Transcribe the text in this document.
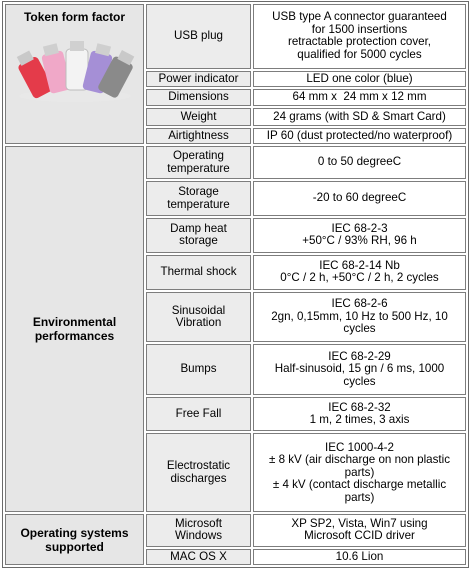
Token form factor	USB plug	USB type A connector guaranteed
for 1500 insertions
retractable protection cover,
qualified for 5000 cycles

	Power indicator	LED one color (blue)

	Dimensions	64 mm x  24 mm x 12 mm

	Weight	24 grams (with SD & Smart Card)

	Airtightness	IP 60 (dust protected/no waterproof)

Environmental
performances	Operating
temperature	0 to 50 degreeC

	Storage
temperature	-20 to 60 degreeC

	Damp heat
storage	IEC 68-2-3
+50°C / 93% RH, 96 h

	Thermal shock	IEC 68-2-14 Nb
0°C / 2 h, +50°C / 2 h, 2 cycles

	Sinusoidal
Vibration	IEC 68-2-6
2gn, 0,15mm, 10 Hz to 500 Hz, 10
cycles

	Bumps	IEC 68-2-29
Half-sinusoid, 15 gn / 6 ms, 1000
cycles

	Free Fall	IEC 68-2-32
1 m, 2 times, 3 axis

	Electrostatic
discharges	IEC 1000-4-2
± 8 kV (air discharge on non plastic
parts)
± 4 kV (contact discharge metallic
parts)

Operating systems
supported	Microsoft
Windows	XP SP2, Vista, Win7 using
Microsoft CCID driver

	MAC OS X	10.6 Lion
